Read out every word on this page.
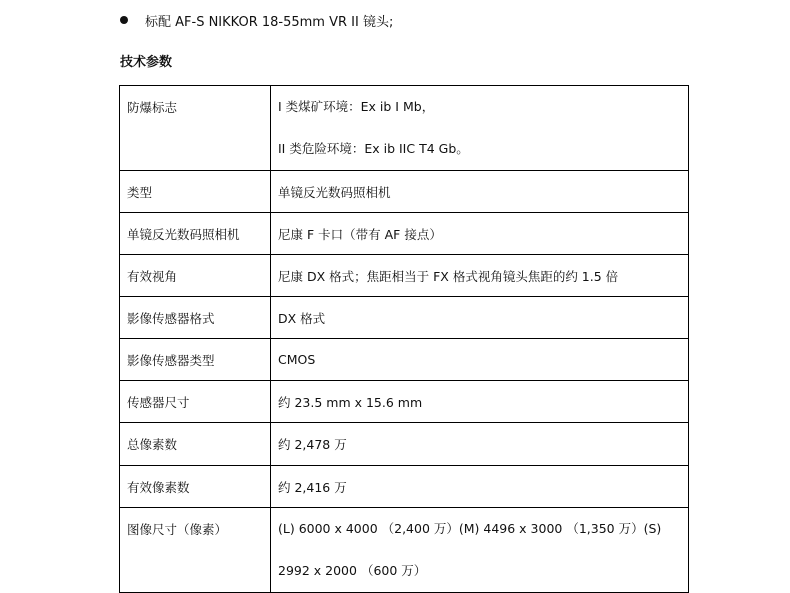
标配 AF-S NIKKOR 18-55mm VR II 镜头;
技术参数
防爆标志	I 类煤矿环境：Ex ib I Mb，
II 类危险环境：Ex ib IIC T4 Gb。

类型	单镜反光数码照相机
单镜反光数码照相机	尼康 F 卡口（带有 AF 接点）
有效视角	尼康 DX 格式；焦距相当于 FX 格式视角镜头焦距的约 1.5 倍
影像传感器格式	DX 格式
影像传感器类型	CMOS
传感器尺寸	约 23.5 mm x 15.6 mm
总像素数	约 2,478 万
有效像素数	约 2,416 万
图像尺寸（像素）	(L) 6000 x 4000 （2,400 万）(M) 4496 x 3000 （1,350 万）(S)
2992 x 2000 （600 万）
